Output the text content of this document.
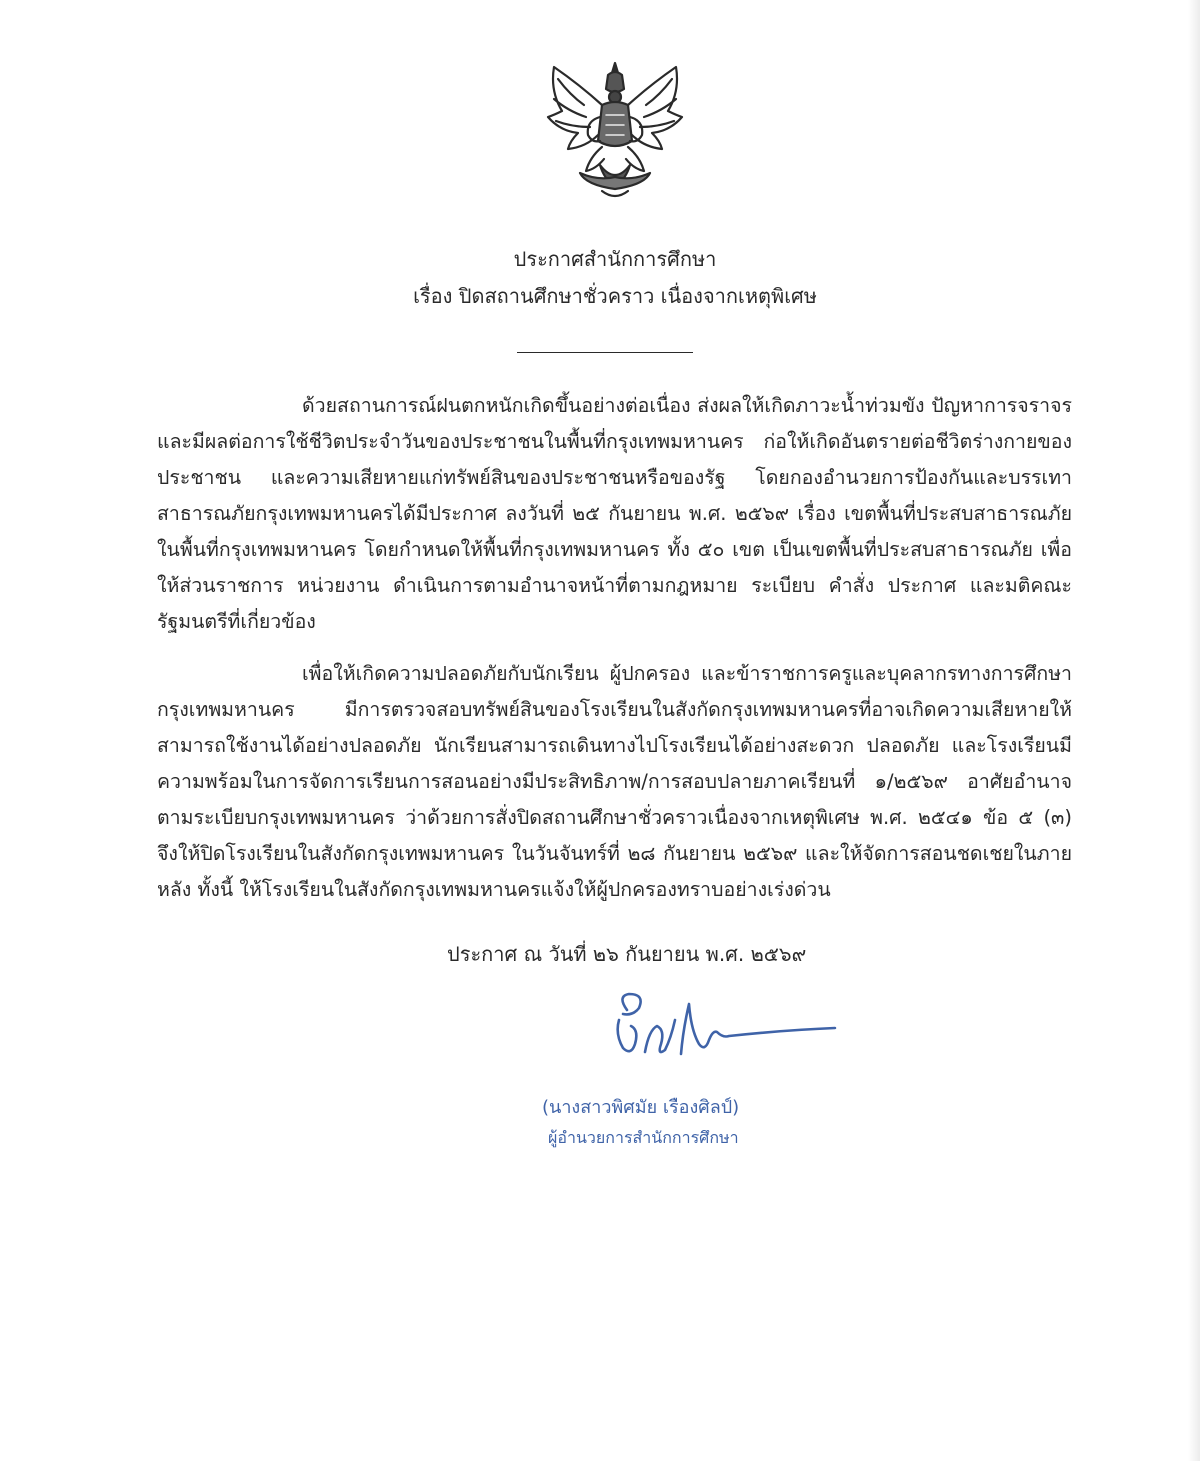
ประกาศสำนักการศึกษา
เรื่อง ปิดสถานศึกษาชั่วคราว เนื่องจากเหตุพิเศษ

ด้วยสถานการณ์ฝนตกหนักเกิดขึ้นอย่างต่อเนื่อง ส่งผลให้เกิดภาวะน้ำท่วมขัง ปัญหาการจราจร และมีผลต่อการใช้ชีวิตประจำวันของประชาชนในพื้นที่กรุงเทพมหานคร ก่อให้เกิดอันตรายต่อชีวิตร่างกายของประชาชน และความเสียหายแก่ทรัพย์สินของประชาชนหรือของรัฐ โดยกองอำนวยการป้องกันและบรรเทาสาธารณภัยกรุงเทพมหานครได้มีประกาศ ลงวันที่ ๒๕ กันยายน พ.ศ. ๒๕๖๙ เรื่อง เขตพื้นที่ประสบสาธารณภัย ในพื้นที่กรุงเทพมหานคร โดยกำหนดให้พื้นที่กรุงเทพมหานคร ทั้ง ๕๐ เขต เป็นเขตพื้นที่ประสบสาธารณภัย เพื่อให้ส่วนราชการ หน่วยงาน ดำเนินการตามอำนาจหน้าที่ตามกฎหมาย ระเบียบ คำสั่ง ประกาศ และมติคณะรัฐมนตรีที่เกี่ยวข้อง

เพื่อให้เกิดความปลอดภัยกับนักเรียน ผู้ปกครอง และข้าราชการครูและบุคลากรทางการศึกษากรุงเทพมหานคร มีการตรวจสอบทรัพย์สินของโรงเรียนในสังกัดกรุงเทพมหานครที่อาจเกิดความเสียหายให้สามารถใช้งานได้อย่างปลอดภัย นักเรียนสามารถเดินทางไปโรงเรียนได้อย่างสะดวก ปลอดภัย และโรงเรียนมีความพร้อมในการจัดการเรียนการสอนอย่างมีประสิทธิภาพ/การสอบปลายภาคเรียนที่ ๑/๒๕๖๙ อาศัยอำนาจตามระเบียบกรุงเทพมหานคร ว่าด้วยการสั่งปิดสถานศึกษาชั่วคราวเนื่องจากเหตุพิเศษ พ.ศ. ๒๕๔๑ ข้อ ๕ (๓) จึงให้ปิดโรงเรียนในสังกัดกรุงเทพมหานคร ในวันจันทร์ที่ ๒๘ กันยายน ๒๕๖๙ และให้จัดการสอนชดเชยในภายหลัง ทั้งนี้ ให้โรงเรียนในสังกัดกรุงเทพมหานครแจ้งให้ผู้ปกครองทราบอย่างเร่งด่วน

ประกาศ ณ วันที่ ๒๖ กันยายน พ.ศ. ๒๕๖๙
(นางสาวพิศมัย เรืองศิลป์)
ผู้อำนวยการสำนักการศึกษา
